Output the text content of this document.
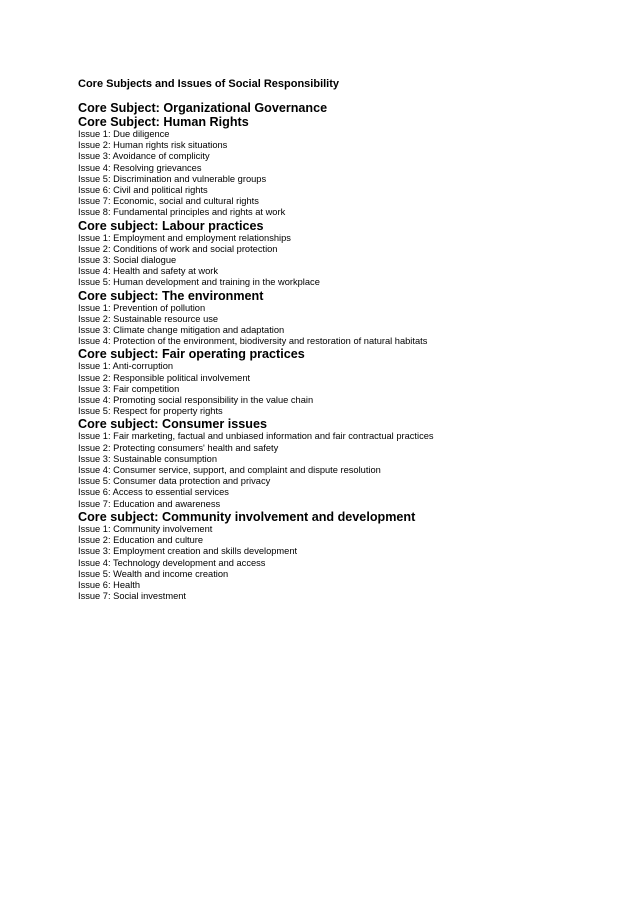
Core Subjects and Issues of Social Responsibility
Core Subject: Organizational Governance
Core Subject: Human Rights
Issue 1: Due diligence
Issue 2: Human rights risk situations
Issue 3: Avoidance of complicity
Issue 4: Resolving grievances
Issue 5: Discrimination and vulnerable groups
Issue 6: Civil and political rights
Issue 7: Economic, social and cultural rights
Issue 8: Fundamental principles and rights at work
Core subject: Labour practices
Issue 1: Employment and employment relationships
Issue 2: Conditions of work and social protection
Issue 3: Social dialogue
Issue 4: Health and safety at work
Issue 5: Human development and training in the workplace
Core subject: The environment
Issue 1: Prevention of pollution
Issue 2: Sustainable resource use
Issue 3: Climate change mitigation and adaptation
Issue 4: Protection of the environment, biodiversity and restoration of natural habitats
Core subject: Fair operating practices
Issue 1: Anti-corruption
Issue 2: Responsible political involvement
Issue 3: Fair competition
Issue 4: Promoting social responsibility in the value chain
Issue 5: Respect for property rights
Core subject: Consumer issues
Issue 1: Fair marketing, factual and unbiased information and fair contractual practices
Issue 2: Protecting consumers' health and safety
Issue 3: Sustainable consumption
Issue 4: Consumer service, support, and complaint and dispute resolution
Issue 5: Consumer data protection and privacy
Issue 6: Access to essential services
Issue 7: Education and awareness
Core subject: Community involvement and development
Issue 1: Community involvement
Issue 2: Education and culture
Issue 3: Employment creation and skills development
Issue 4: Technology development and access
Issue 5: Wealth and income creation
Issue 6: Health
Issue 7: Social investment
